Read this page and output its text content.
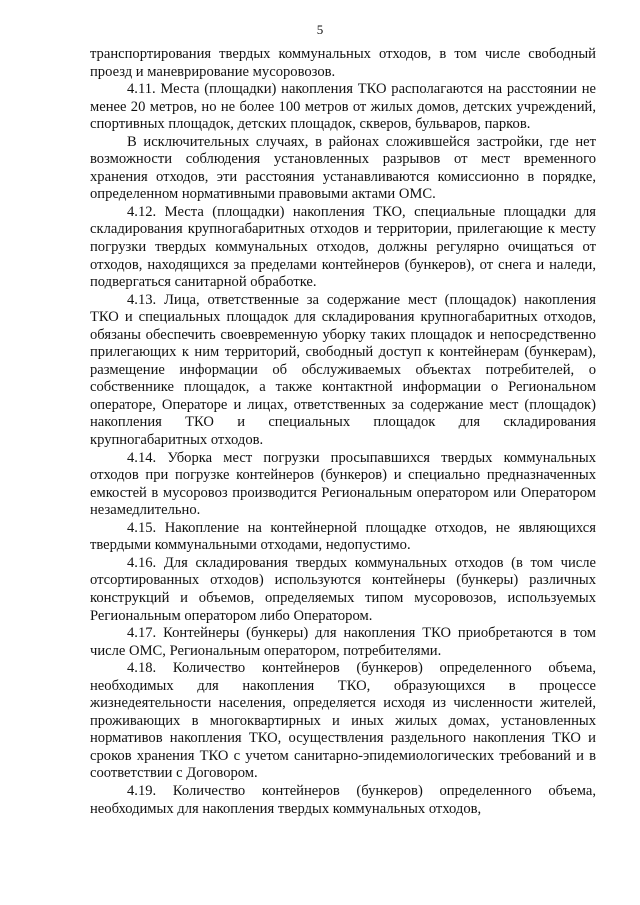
5

транспортирования твердых коммунальных отходов, в том числе свободный проезд и маневрирование мусоровозов.

4.11. Места (площадки) накопления ТКО располагаются на расстоянии не менее 20 метров, но не более 100 метров от жилых домов, детских учреждений, спортивных площадок, детских площадок, скверов, бульваров, парков.

В исключительных случаях, в районах сложившейся застройки, где нет возможности соблюдения установленных разрывов от мест временного хранения отходов, эти расстояния устанавливаются комиссионно в порядке, определенном нормативными правовыми актами ОМС.

4.12. Места (площадки) накопления ТКО, специальные площадки для складирования крупногабаритных отходов и территории, прилегающие к месту погрузки твердых коммунальных отходов, должны регулярно очищаться от отходов, находящихся за пределами контейнеров (бункеров), от снега и наледи, подвергаться санитарной обработке.

4.13. Лица, ответственные за содержание мест (площадок) накопления ТКО и специальных площадок для складирования крупногабаритных отходов, обязаны обеспечить своевременную уборку таких площадок и непосредственно прилегающих к ним территорий, свободный доступ к контейнерам (бункерам), размещение информации об обслуживаемых объектах потребителей, о собственнике площадок, а также контактной информации о Региональном операторе, Операторе и лицах, ответственных за содержание мест (площадок) накопления ТКО и специальных площадок для складирования крупногабаритных отходов.

4.14. Уборка мест погрузки просыпавшихся твердых коммунальных отходов при погрузке контейнеров (бункеров) и специально предназначенных емкостей в мусоровоз производится Региональным оператором или Оператором незамедлительно.

4.15. Накопление на контейнерной площадке отходов, не являющихся твердыми коммунальными отходами, недопустимо.

4.16. Для складирования твердых коммунальных отходов (в том числе отсортированных отходов) используются контейнеры (бункеры) различных конструкций и объемов, определяемых типом мусоровозов, используемых Региональным оператором либо Оператором.

4.17. Контейнеры (бункеры) для накопления ТКО приобретаются в том числе ОМС, Региональным оператором, потребителями.

4.18. Количество контейнеров (бункеров) определенного объема, необходимых для накопления ТКО, образующихся в процессе жизнедеятельности населения, определяется исходя из численности жителей, проживающих в многоквартирных и иных жилых домах, установленных нормативов накопления ТКО, осуществления раздельного накопления ТКО и сроков хранения ТКО с учетом санитарно-эпидемиологических требований и в соответствии с Договором.

4.19. Количество контейнеров (бункеров) определенного объема, необходимых для накопления твердых коммунальных отходов,
